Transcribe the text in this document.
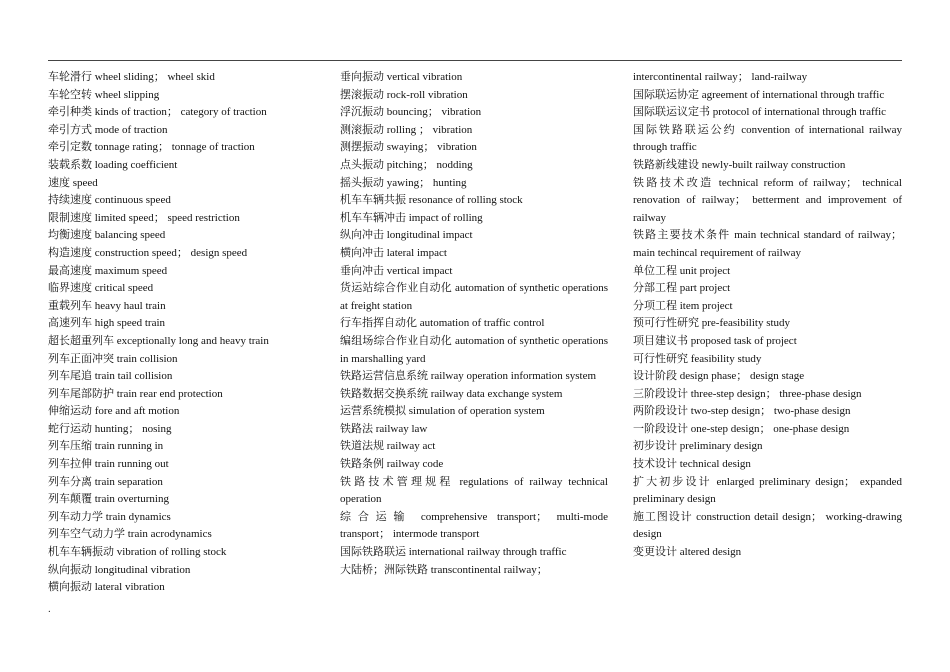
车轮滑行 wheel sliding； wheel skid
车轮空转 wheel slipping
牵引种类 kinds of traction； category of traction
牵引方式 mode of traction
牵引定数 tonnage rating； tonnage of traction
装载系数 loading coefficient
速度 speed
持续速度 continuous speed
限制速度 limited speed； speed restriction
均衡速度 balancing speed
构造速度 construction speed； design speed
最高速度 maximum speed
临界速度 critical speed
重载列车 heavy haul train
高速列车 high speed train
超长超重列车 exceptionally long and heavy train
列车正面冲突 train collision
列车尾追 train tail collision
列车尾部防护 train rear end protection
伸缩运动 fore and aft motion
蛇行运动 hunting； nosing
列车压缩 train running in
列车拉伸 train running out
列车分离 train separation
列车颠覆 train overturning
列车动力学 train dynamics
列车空气动力学 train acrodynamics
机车车辆振动 vibration of rolling stock
纵向振动 longitudinal vibration
横向振动 lateral vibration
垂向振动 vertical vibration
摆滚振动 rock-roll vibration
浮沉振动 bouncing； vibration
测滚振动 rolling ； vibration
测摆振动 swaying； vibration
点头振动 pitching； nodding
摇头振动 yawing； hunting
机车车辆共振 resonance of rolling stock
机车车辆冲击 impact of rolling
纵向冲击 longitudinal impact
横向冲击 lateral impact
垂向冲击 vertical impact
货运站综合作业自动化 automation of synthetic operations at freight station
行车指挥自动化 automation of traffic control
编组场综合作业自动化 automation of synthetic operations in marshalling yard
铁路运营信息系统 railway operation information system
铁路数据交换系统 railway data exchange system
运营系统模拟 simulation of operation system
铁路法 railway law
铁道法规 railway act
铁路条例 railway code
铁路技术管理规程 regulations of railway technical operation
综合运输 comprehensive transport； multi-mode transport； intermode transport
国际铁路联运 international railway through traffic
大陆桥；洲际铁路 transcontinental railway；
intercontinental railway； land-railway
国际联运协定 agreement of international through traffic
国际联运议定书 protocol of international through traffic
国际铁路联运公约 convention of international railway through traffic
铁路新线建设 newly-built railway construction
铁路技术改造 technical reform of railway； technical renovation of railway； betterment and improvement of railway
铁路主要技术条件 main technical standard of railway； main techincal requirement of railway
单位工程 unit project
分部工程 part project
分项工程 item project
预可行性研究 pre-feasibility study
项目建议书 proposed task of project
可行性研究 feasibility study
设计阶段 design phase； design stage
三阶段设计 three-step design； three-phase design
两阶段设计 two-step design； two-phase design
一阶段设计 one-step design； one-phase design
初步设计 preliminary design
技术设计 technical design
扩大初步设计 enlarged preliminary design； expanded preliminary design
施工图设计 construction detail design； working-drawing design
变更设计 altered design
.
